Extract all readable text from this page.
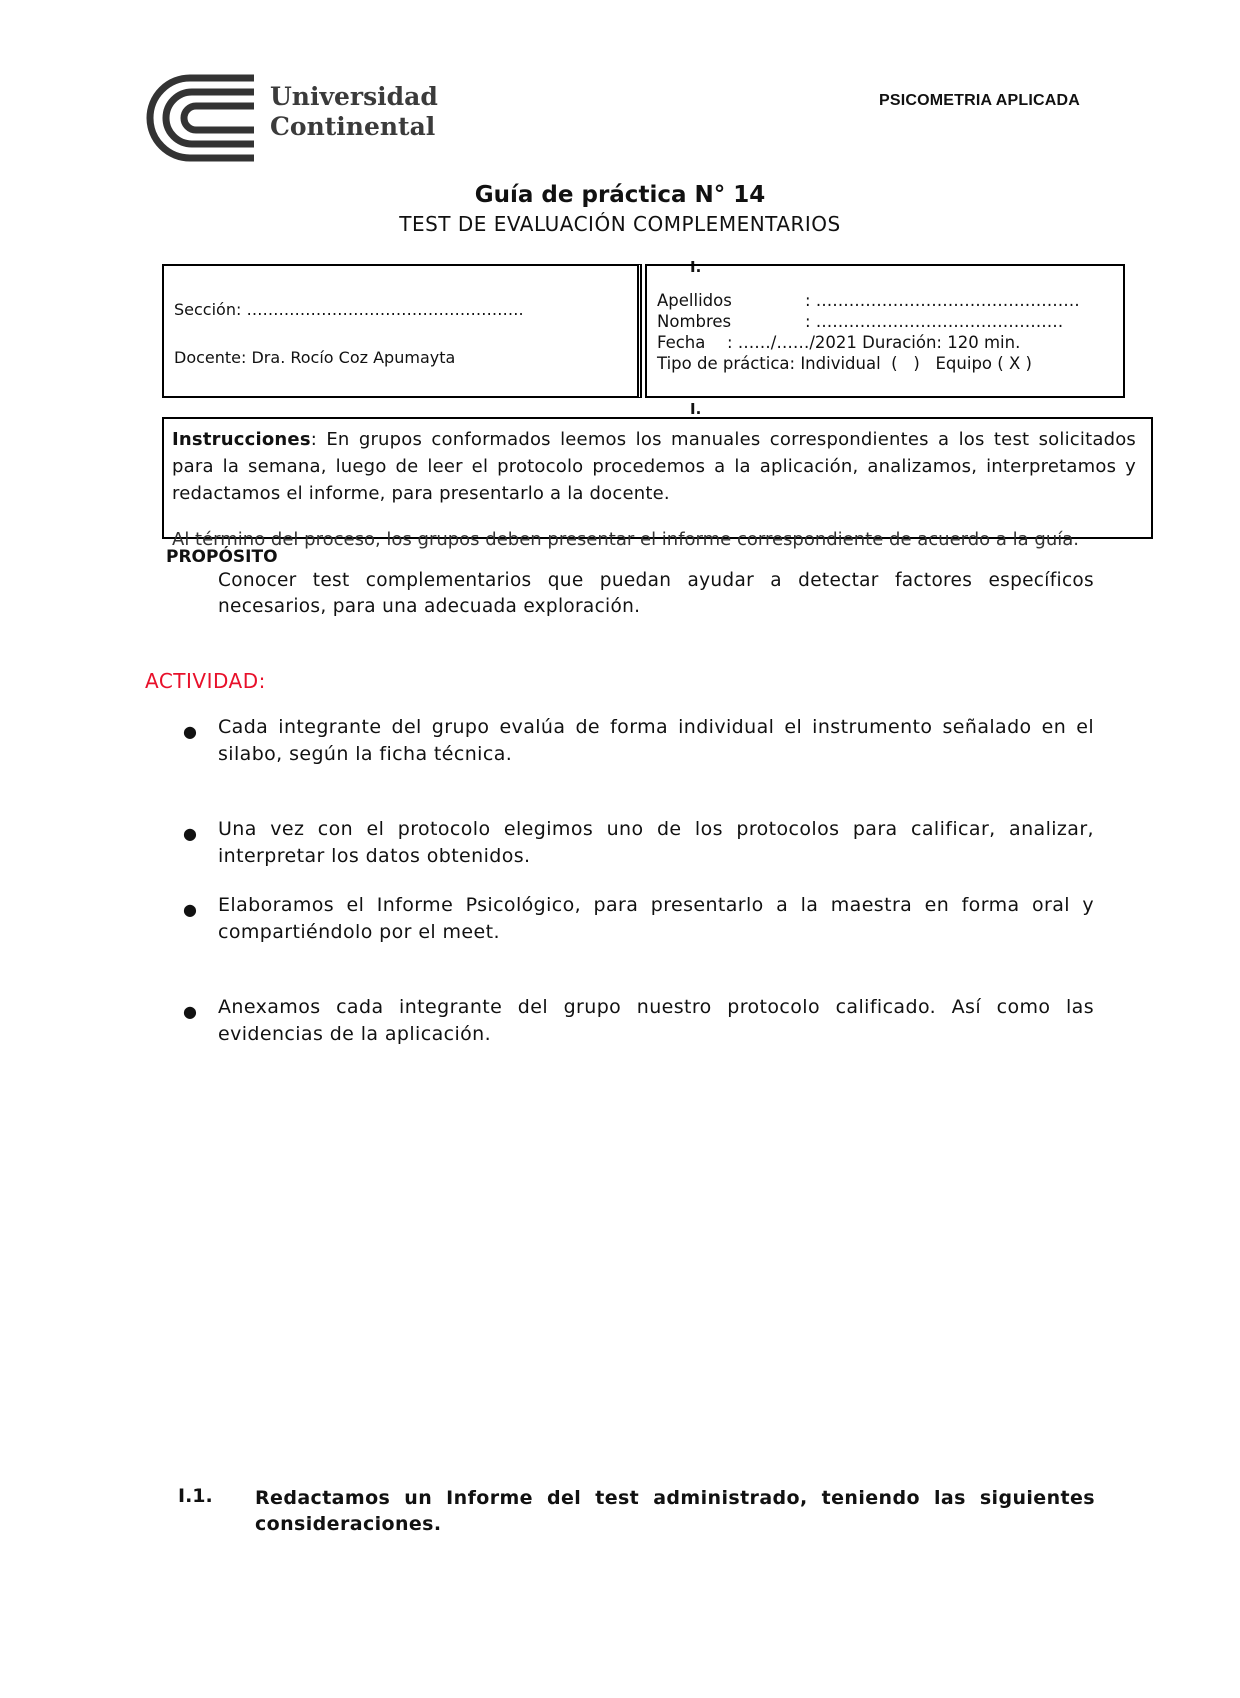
Universidad
Continental
PSICOMETRIA APLICADA
Guía de práctica N° 14
TEST DE EVALUACIÓN COMPLEMENTARIOS
Sección: …………………………………………….
Docente: Dra. Rocío Coz Apumayta
I.
Apellidos	: …………………………………………
Nombres	: ………………………………………
Fecha : ……/……/2021 Duración: 120 min.
Tipo de práctica: Individual  (   )   Equipo ( X )
I.
Instrucciones: En grupos conformados leemos los manuales correspondientes a los test solicitados para la semana, luego de leer el protocolo procedemos a la aplicación, analizamos, interpretamos y redactamos el informe, para presentarlo a la docente.
Al término del proceso, los grupos deben presentar el informe correspondiente de acuerdo a la guía.
PROPÓSITO
Conocer test complementarios que puedan ayudar a detectar factores específicos necesarios, para una adecuada exploración.
ACTIVIDAD:
● Cada integrante del grupo evalúa de forma individual el instrumento señalado en el silabo, según la ficha técnica.
● Una vez con el protocolo elegimos uno de los protocolos para calificar, analizar, interpretar los datos obtenidos.
● Elaboramos el Informe Psicológico, para presentarlo a la maestra en forma oral y compartiéndolo por el meet.
● Anexamos cada integrante del grupo nuestro protocolo calificado. Así como las evidencias de la aplicación.
I.1. Redactamos un Informe del test administrado, teniendo las siguientes consideraciones.
